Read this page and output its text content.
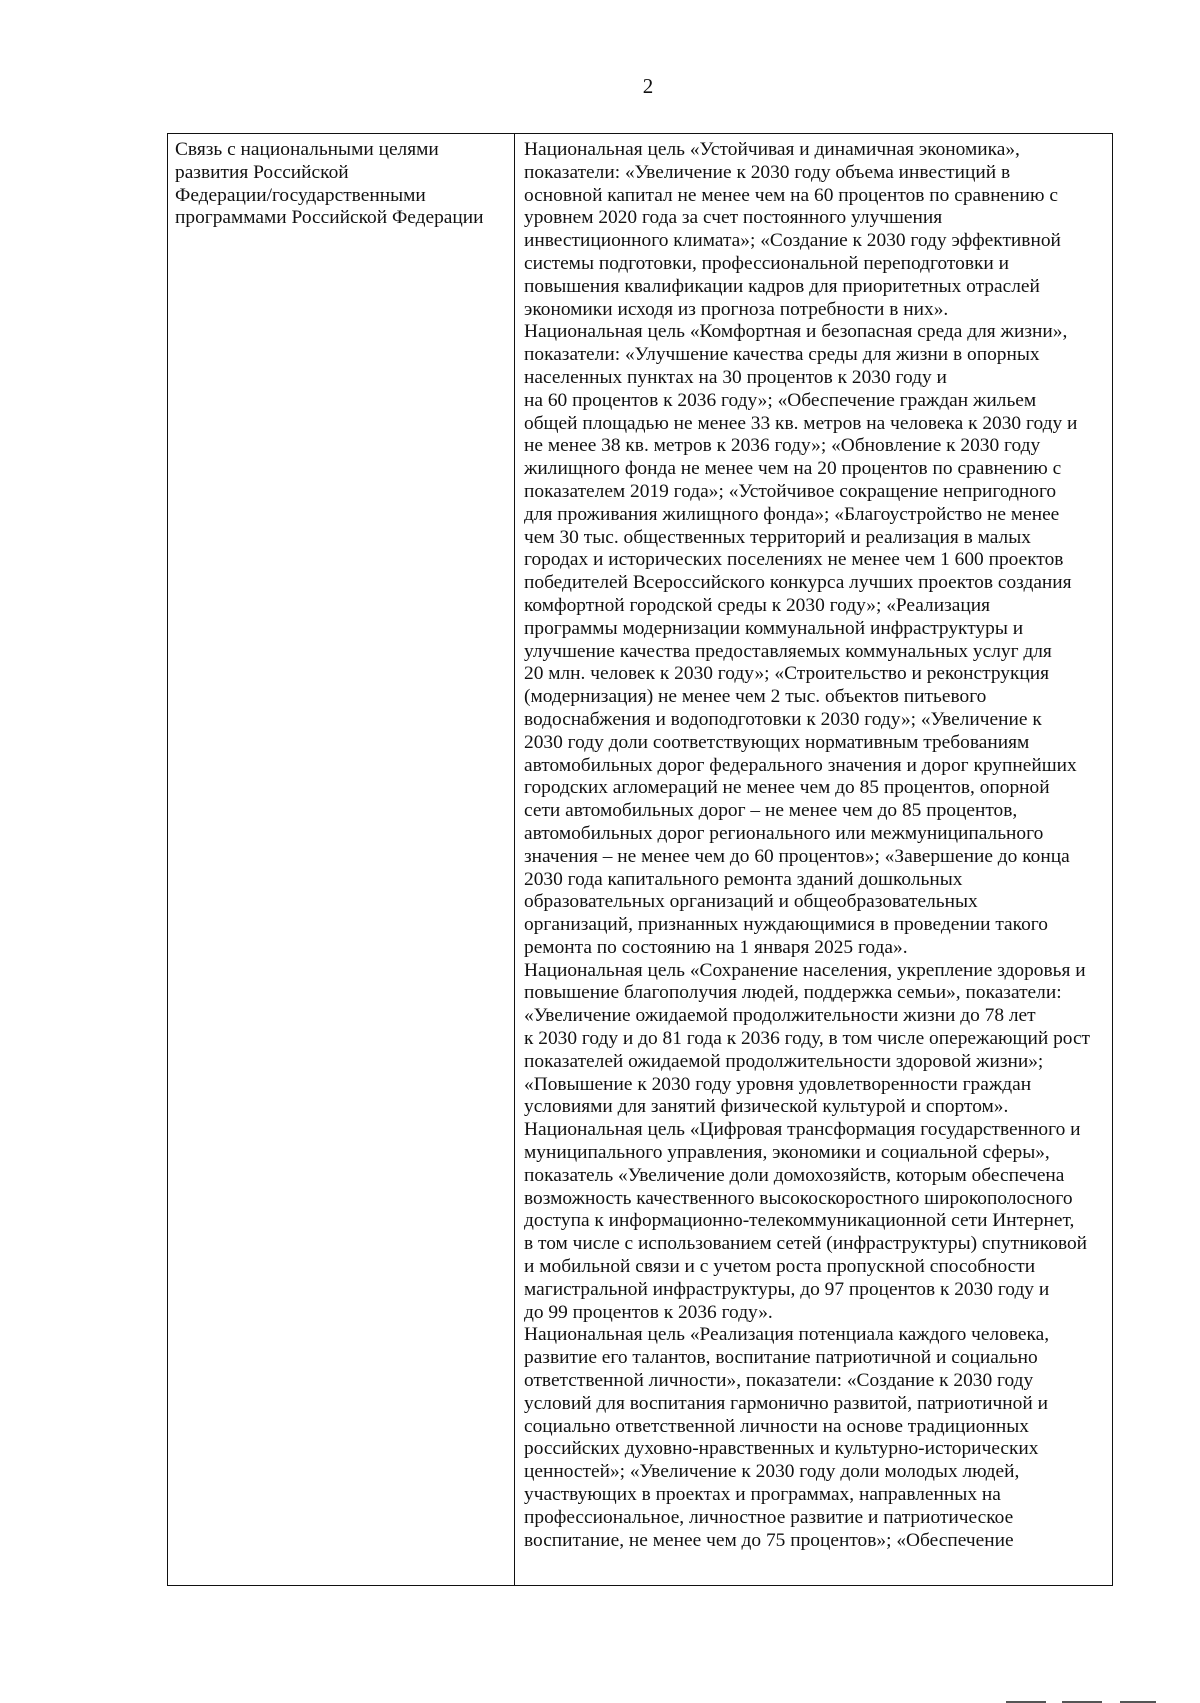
2
Связь с национальными целями
развития Российской
Федерации/государственными
программами Российской Федерации

Национальная цель «Устойчивая и динамичная экономика»,
показатели: «Увеличение к 2030 году объема инвестиций в
основной капитал не менее чем на 60 процентов по сравнению с
уровнем 2020 года за счет постоянного улучшения
инвестиционного климата»; «Создание к 2030 году эффективной
системы подготовки, профессиональной переподготовки и
повышения квалификации кадров для приоритетных отраслей
экономики исходя из прогноза потребности в них».
Национальная цель «Комфортная и безопасная среда для жизни»,
показатели: «Улучшение качества среды для жизни в опорных
населенных пунктах на 30 процентов к 2030 году и
на 60 процентов к 2036 году»; «Обеспечение граждан жильем
общей площадью не менее 33 кв. метров на человека к 2030 году и
не менее 38 кв. метров к 2036 году»; «Обновление к 2030 году
жилищного фонда не менее чем на 20 процентов по сравнению с
показателем 2019 года»; «Устойчивое сокращение непригодного
для проживания жилищного фонда»; «Благоустройство не менее
чем 30 тыс. общественных территорий и реализация в малых
городах и исторических поселениях не менее чем 1 600 проектов
победителей Всероссийского конкурса лучших проектов создания
комфортной городской среды к 2030 году»; «Реализация
программы модернизации коммунальной инфраструктуры и
улучшение качества предоставляемых коммунальных услуг для
20 млн. человек к 2030 году»; «Строительство и реконструкция
(модернизация) не менее чем 2 тыс. объектов питьевого
водоснабжения и водоподготовки к 2030 году»; «Увеличение к
2030 году доли соответствующих нормативным требованиям
автомобильных дорог федерального значения и дорог крупнейших
городских агломераций не менее чем до 85 процентов, опорной
сети автомобильных дорог – не менее чем до 85 процентов,
автомобильных дорог регионального или межмуниципального
значения – не менее чем до 60 процентов»; «Завершение до конца
2030 года капитального ремонта зданий дошкольных
образовательных организаций и общеобразовательных
организаций, признанных нуждающимися в проведении такого
ремонта по состоянию на 1 января 2025 года».
Национальная цель «Сохранение населения, укрепление здоровья и
повышение благополучия людей, поддержка семьи», показатели:
«Увеличение ожидаемой продолжительности жизни до 78 лет
к 2030 году и до 81 года к 2036 году, в том числе опережающий рост
показателей ожидаемой продолжительности здоровой жизни»;
«Повышение к 2030 году уровня удовлетворенности граждан
условиями для занятий физической культурой и спортом».
Национальная цель «Цифровая трансформация государственного и
муниципального управления, экономики и социальной сферы»,
показатель «Увеличение доли домохозяйств, которым обеспечена
возможность качественного высокоскоростного широкополосного
доступа к информационно-телекоммуникационной сети Интернет,
в том числе с использованием сетей (инфраструктуры) спутниковой
и мобильной связи и с учетом роста пропускной способности
магистральной инфраструктуры, до 97 процентов к 2030 году и
до 99 процентов к 2036 году».
Национальная цель «Реализация потенциала каждого человека,
развитие его талантов, воспитание патриотичной и социально
ответственной личности», показатели: «Создание к 2030 году
условий для воспитания гармонично развитой, патриотичной и
социально ответственной личности на основе традиционных
российских духовно-нравственных и культурно-исторических
ценностей»; «Увеличение к 2030 году доли молодых людей,
участвующих в проектах и программах, направленных на
профессиональное, личностное развитие и патриотическое
воспитание, не менее чем до 75 процентов»; «Обеспечение
